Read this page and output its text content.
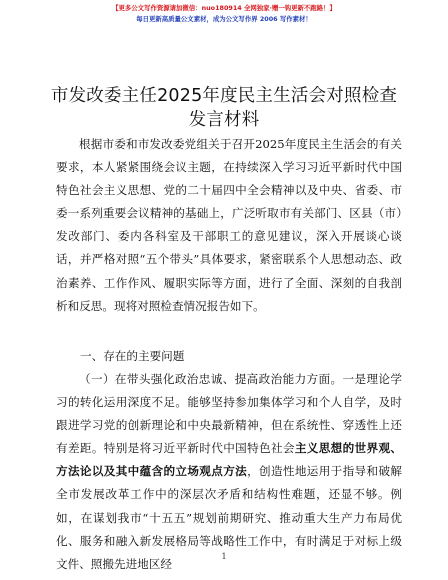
【更多公文写作资源请加微信：nuo180914 全网独家·赠一钩更新不跑路！】
每日更新高质量公文素材，成为公文写作界 2006 写作素材！
市发改委主任2025年度民主生活会对照检查发言材料
根据市委和市发改委党组关于召开2025年度民主生活会的有关要求，本人紧紧围绕会议主题，在持续深入学习习近平新时代中国特色社会主义思想、党的二十届四中全会精神以及中央、省委、市委一系列重要会议精神的基础上，广泛听取市有关部门、区县（市）发改部门、委内各科室及干部职工的意见建议，深入开展谈心谈话，并严格对照“五个带头”具体要求，紧密联系个人思想动态、政治素养、工作作风、履职实际等方面，进行了全面、深刻的自我剖析和反思。现将对照检查情况报告如下。
一、存在的主要问题
（一）在带头强化政治忠诚、提高政治能力方面。一是理论学习的转化运用深度不足。能够坚持参加集体学习和个人自学，及时跟进学习党的创新理论和中央最新精神，但在系统性、穿透性上还有差距。特别是将习近平新时代中国特色社会主义思想的世界观、方法论以及其中蕴含的立场观点方法，创造性地运用于指导和破解全市发展改革工作中的深层次矛盾和结构性难题，还显不够。例如，在谋划我市“十五五”规划前期研究、推动重大生产力布局优化、服务和融入新发展格局等战略性工作中，有时满足于对标上级文件、照搬先进地区经
1
